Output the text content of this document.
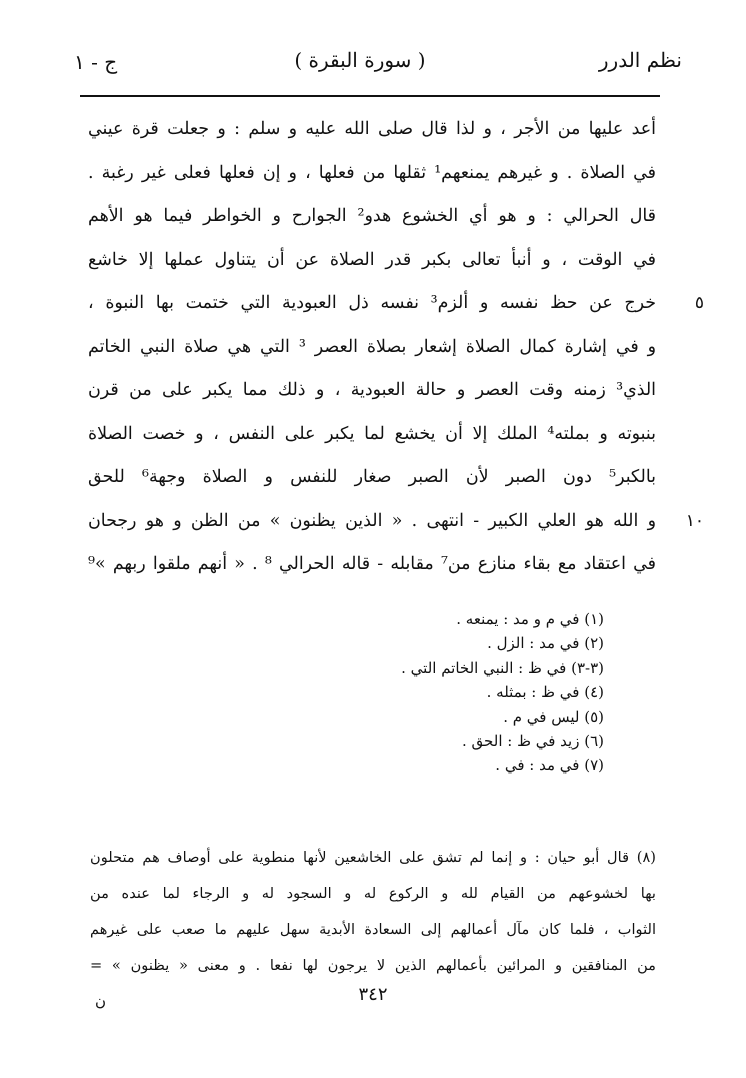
نظم الدرر
( سورة البقرة )
ج - ١
أعد عليها من الأجر ، و لذا قال صلى الله عليه و سلم : و جعلت قرة عيني
في الصلاة . و غيرهم يمنعهم¹ ثقلها من فعلها ، و إن فعلها فعلى غير رغبة .
قال الحرالي : و هو أي الخشوع هدو² الجوارح و الخواطر فيما هو الأهم
في الوقت ، و أنبأ تعالى بكبر قدر الصلاة عن أن يتناول عملها إلا خاشع
٥
خرج عن حظ نفسه و ألزم³ نفسه ذل العبودية التي ختمت بها النبوة ،
و في إشارة كمال الصلاة إشعار بصلاة العصر ³ التي هي صلاة النبي الخاتم
الذي³ زمنه وقت العصر و حالة العبودية ، و ذلك مما يكبر على من قرن
بنبوته و بملته⁴ الملك إلا أن يخشع لما يكبر على النفس ، و خصت الصلاة
بالكبر⁵ دون الصبر لأن الصبر صغار للنفس و الصلاة وجهة⁶ للحق
١٠
و الله هو العلي الكبير - انتهى . « الذين يظنون » من الظن و هو رجحان
في اعتقاد مع بقاء منازع من⁷ مقابله - قاله الحرالي ⁸ . « أنهم ملقوا ربهم »⁹
(١) في م و مد : يمنعه .
(٢) في مد : الزل .
(٣-٣) في ظ : النبي الخاتم التي .
(٤) في ظ : بمثله .
(٥) ليس في م .
(٦) زيد في ظ : الحق .
(٧) في مد : في .
(٨) قال أبو حيان : و إنما لم تشق على الخاشعين لأنها منطوية على أوصاف هم متحلون
بها لخشوعهم من القيام لله و الركوع له و السجود له و الرجاء لما عنده من
الثواب ، فلما كان مآل أعمالهم إلى السعادة الأبدية سهل عليهم ما صعب على غيرهم
من المنافقين و المرائين بأعمالهم الذين لا يرجون لها نفعا . و معنى « يظنون » =
٣٤٢
ن
